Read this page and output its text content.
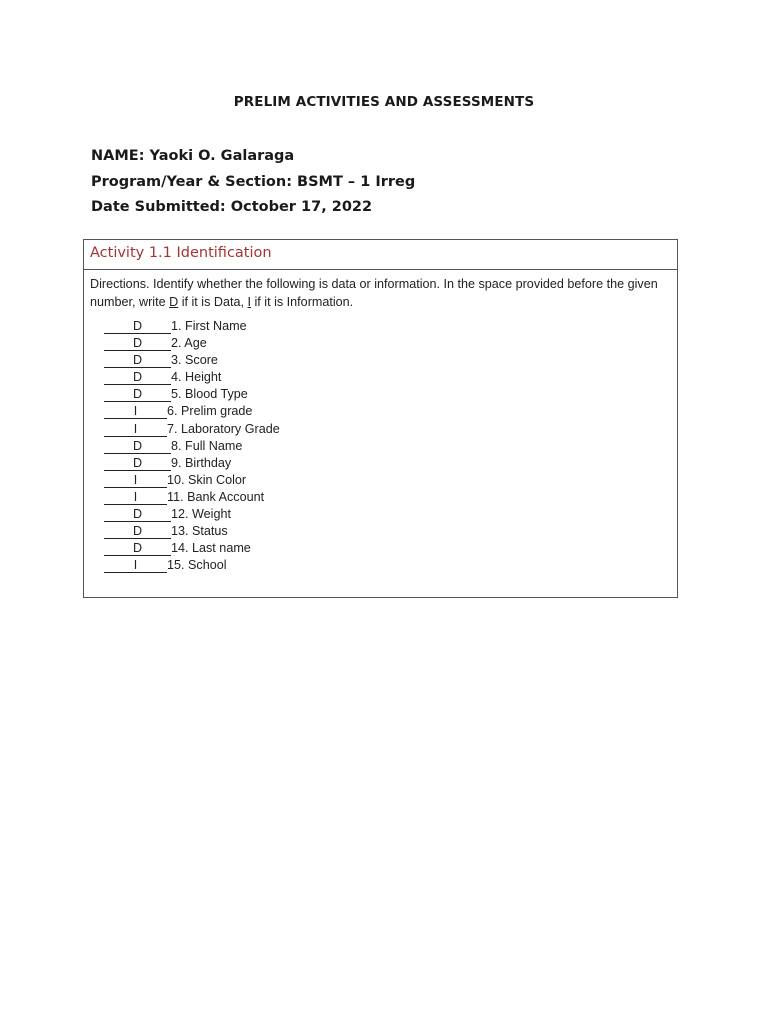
PRELIM ACTIVITIES AND ASSESSMENTS
NAME: Yaoki O. Galaraga
Program/Year & Section: BSMT – 1 Irreg
Date Submitted: October 17, 2022
Activity 1.1 Identification
Directions. Identify whether the following is data or information. In the space provided before the given number, write D if it is Data, I if it is Information.
D 1. First Name
D 2. Age
D 3. Score
D 4. Height
D 5. Blood Type
I 6. Prelim grade
I 7. Laboratory Grade
D 8. Full Name
D 9. Birthday
I 10. Skin Color
I 11. Bank Account
D 12. Weight
D 13. Status
D 14. Last name
I 15. School
